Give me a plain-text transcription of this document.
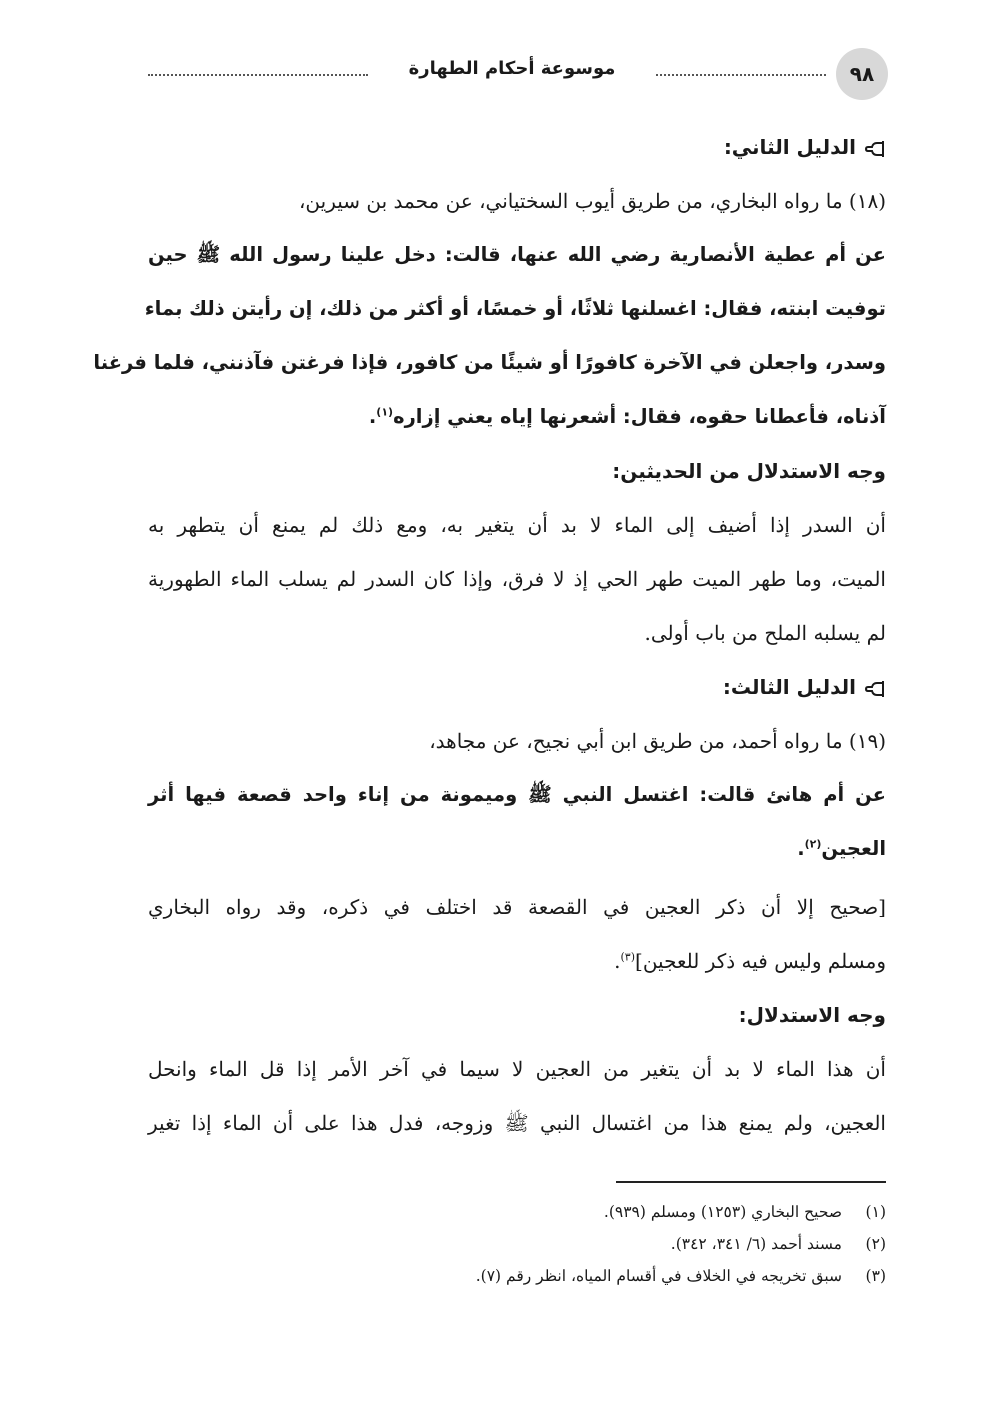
٩٨
موسوعة أحكام الطهارة
الدليل الثاني:
(١٨) ما رواه البخاري، من طريق أيوب السختياني، عن محمد بن سيرين،
عن أم عطية الأنصارية رضي الله عنها، قالت: دخل علينا رسول الله ﷺ حين
توفيت ابنته، فقال: اغسلنها ثلاثًا، أو خمسًا، أو أكثر من ذلك، إن رأيتن ذلك بماء
وسدر، واجعلن في الآخرة كافورًا أو شيئًا من كافور، فإذا فرغتن فآذنني، فلما فرغنا
آذناه، فأعطانا حقوه، فقال: أشعرنها إياه يعني إزاره$^{(١)}$.
وجه الاستدلال من الحديثين:
أن السدر إذا أضيف إلى الماء لا بد أن يتغير به، ومع ذلك لم يمنع أن يتطهر به
الميت، وما طهر الميت طهر الحي إذ لا فرق، وإذا كان السدر لم يسلب الماء الطهورية
لم يسلبه الملح من باب أولى.
الدليل الثالث:
(١٩) ما رواه أحمد، من طريق ابن أبي نجيح، عن مجاهد،
عن أم هانئ قالت: اغتسل النبي ﷺ وميمونة من إناء واحد قصعة فيها أثر
العجين$^{(٢)}$.
[صحيح إلا أن ذكر العجين في القصعة قد اختلف في ذكره، وقد رواه البخاري
ومسلم وليس فيه ذكر للعجين]$^{(٣)}$.
وجه الاستدلال:
أن هذا الماء لا بد أن يتغير من العجين لا سيما في آخر الأمر إذا قل الماء وانحل
العجين، ولم يمنع هذا من اغتسال النبي ﷺ وزوجه، فدل هذا على أن الماء إذا تغير
(١)صحيح البخاري (١٢٥٣) ومسلم (٩٣٩).
(٢)مسند أحمد (٦/ ٣٤١، ٣٤٢).
(٣)سبق تخريجه في الخلاف في أقسام المياه، انظر رقم (٧).
